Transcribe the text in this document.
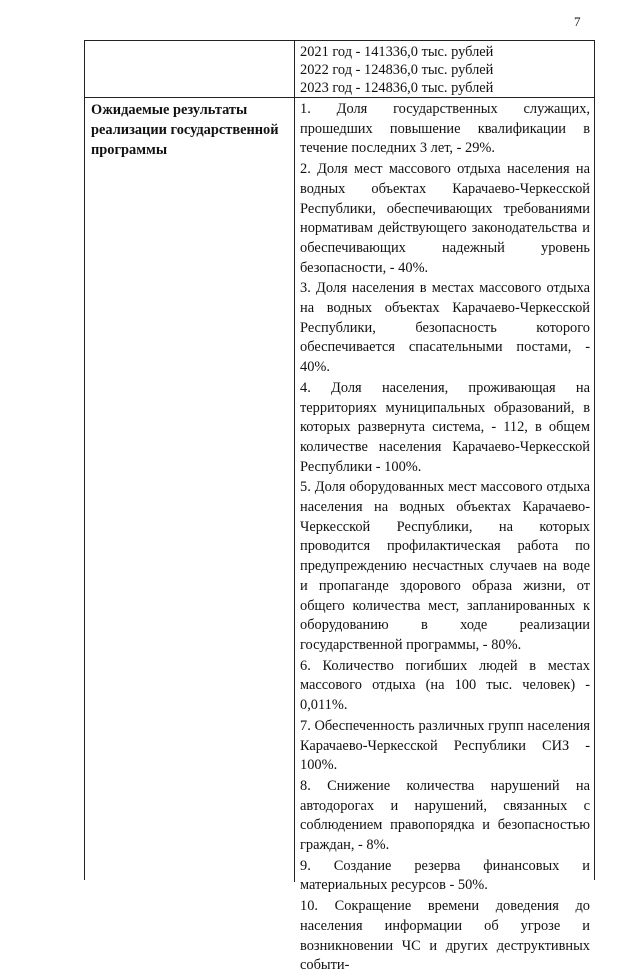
7
2021 год - 141336,0 тыс. рублей
2022 год - 124836,0 тыс. рублей
2023 год - 124836,0 тыс. рублей
Ожидаемые результаты реализации государственной программы
1. Доля государственных служащих, прошедших повышение квалификации в течение последних 3 лет, - 29%.
2. Доля мест массового отдыха населения на водных объектах Карачаево-Черкесской Республики, обеспечивающих требованиями нормативам действующего законодательства и обеспечивающих надежный уровень безопасности, - 40%.
3. Доля населения в местах массового отдыха на водных объектах Карачаево-Черкесской Республики, безопасность которого обеспечивается спасательными постами, - 40%.
4. Доля населения, проживающая на территориях муниципальных образований, в которых развернута система, - 112, в общем количестве населения Карачаево-Черкесской Республики - 100%.
5. Доля оборудованных мест массового отдыха населения на водных объектах Карачаево-Черкесской Республики, на которых проводится профилактическая работа по предупреждению несчастных случаев на воде и пропаганде здорового образа жизни, от общего количества мест, запланированных к оборудованию в ходе реализации государственной программы, - 80%.
6. Количество погибших людей в местах массового отдыха (на 100 тыс. человек) - 0,011%.
7. Обеспеченность различных групп населения Карачаево-Черкесской Республики СИЗ - 100%.
8. Снижение количества нарушений на автодорогах и нарушений, связанных с соблюдением правопорядка и безопасностью граждан, - 8%.
9. Создание резерва финансовых и материальных ресурсов - 50%.
10. Сокращение времени доведения до населения информации об угрозе и возникновении ЧС и других деструктивных событи-
